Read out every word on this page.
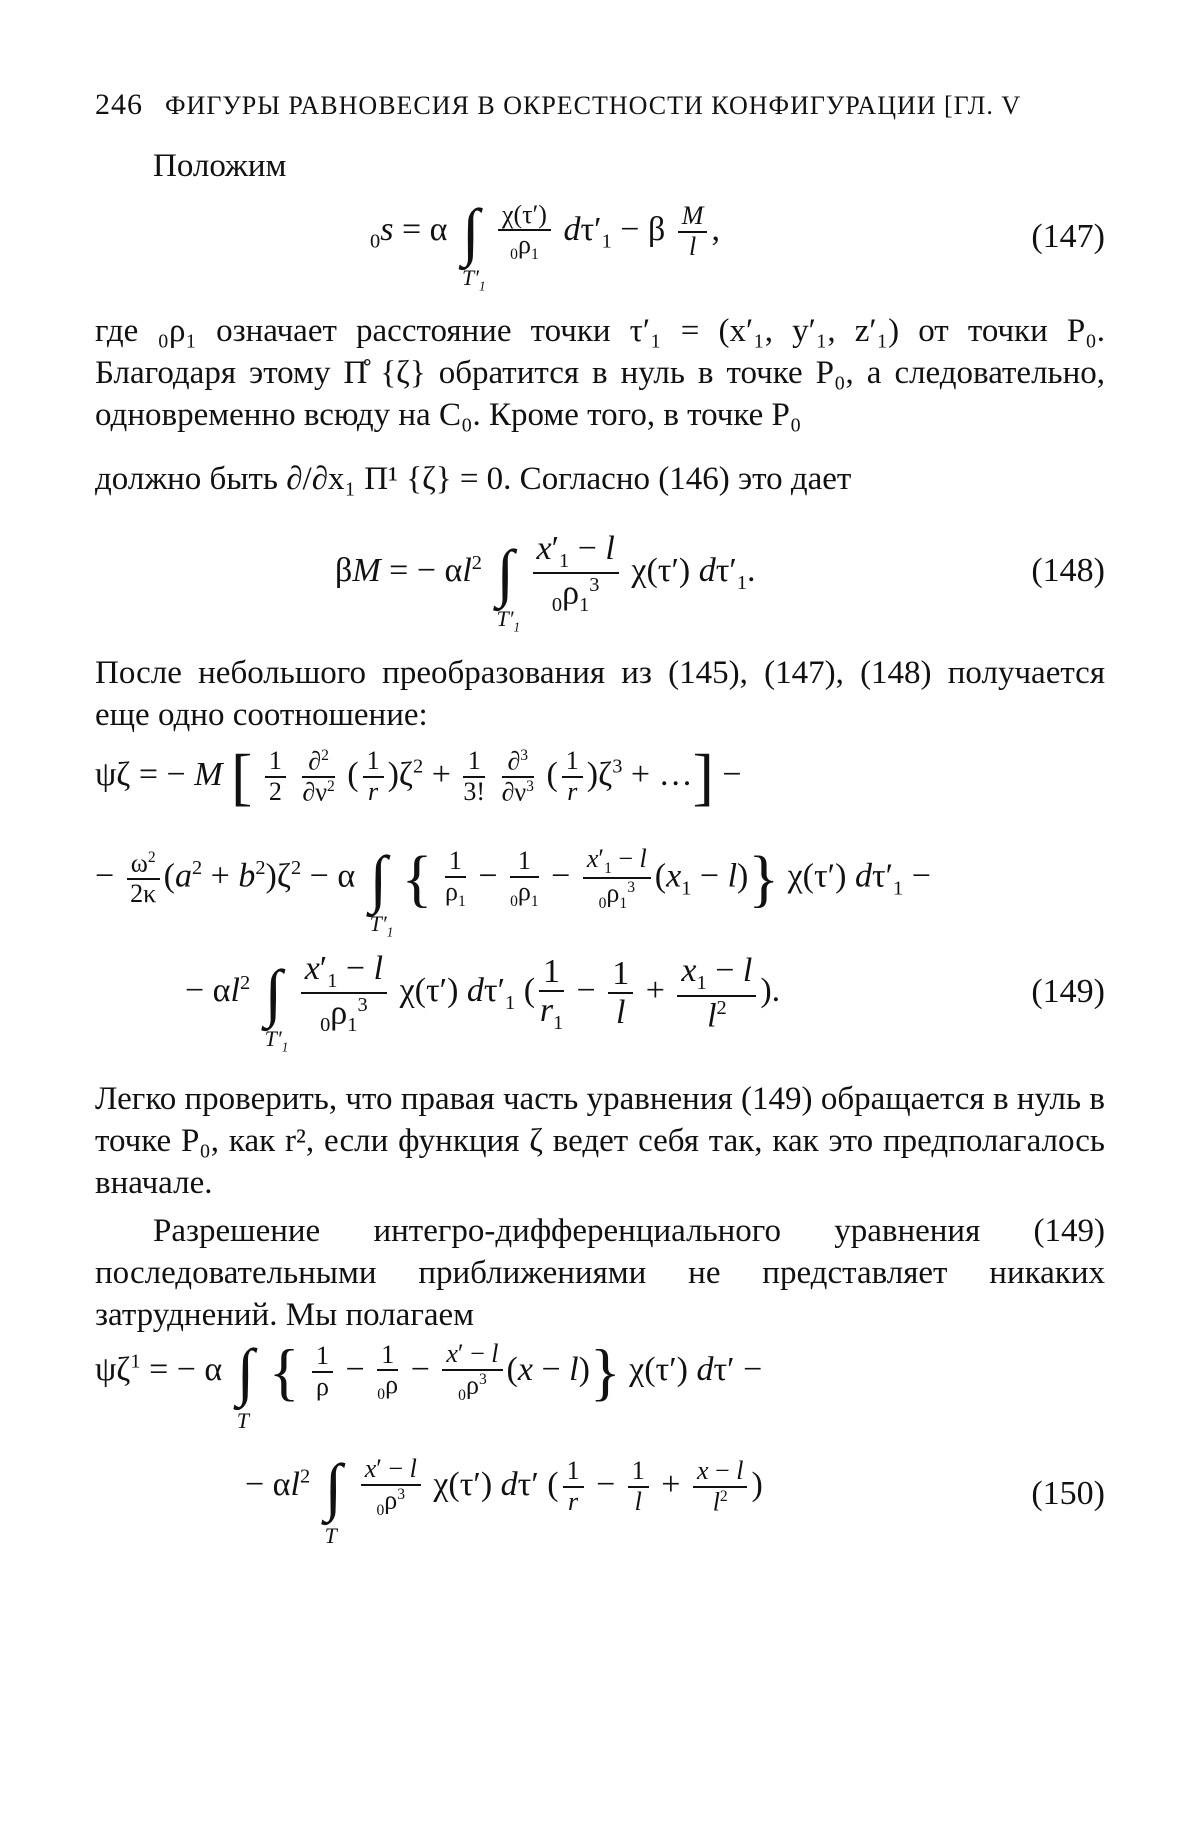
246 ФИГУРЫ РАВНОВЕСИЯ В ОКРЕСТНОСТИ КОНФИГУРАЦИИ [ГЛ. V
Положим
$_0$s = α ∫
$T'_1$

$\frac{\chi(\tau')}{_0\rho_1} d\tau'_1 - \beta \frac{M}{l}$ ,	(147)
где ₀ρ₁ означает расстояние точки τ′₁ = (x′₁, y′₁, z′₁) от точки P₀. Благодаря этому Π̊ {ζ} обратится в нуль в точке P₀, а следовательно, одновременно всюду на C₀. Кроме того, в точке P₀
должно быть ∂/∂x₁ Π¹ {ζ} = 0. Согласно (146) это дает
βM = − $\alpha l^2$ ∫
$T'_1$

$\frac{x'_1 - l}{_0\rho_1^3} \chi(\tau')$ $d\tau'_1$.	(148)
После небольшого преобразования из (145), (147), (148) получается еще одно соотношение:
ψζ = − M [ $\frac{1}{2}$
$\frac{\partial^2}{\partial\nu^2}$ ( $\frac{1}{r} )\zeta^2 + \frac{1}{3!}$
$\frac{\partial^3}{\partial\nu^3}$ ( $\frac{1}{r} )\zeta^3$ + …] −
− $\frac{\omega^2}{2\kappa} (a^2 + b^2)\zeta^2 - \alpha$ ∫
$T'_1$
{ $\frac{1}{\rho_1} - \frac{1}{_0\rho_1} - \frac{x'_1 - l}{_0\rho_1^3} (x_1 - l)$} χ(τ′) $d\tau'_1$ −
− $\alpha l^2$ ∫
$T'_1$

$\frac{x'_1 - l}{_0\rho_1^3} \chi(\tau')$ $d\tau'_1$ ( $\frac{1}{r_1} - \frac{1}{l} + \frac{x_1 - l}{l^2}$ ).	(149)
Легко проверить, что правая часть уравнения (149) обращается в нуль в точке P₀, как r², если функция ζ ведет себя так, как это предполагалось вначале.
Разрешение интегро-дифференциального уравнения (149) последовательными приближениями не представляет никаких затруднений. Мы полагаем
$\psi\zeta^1$ = − α ∫
T
{ $\frac{1}{\rho} - \frac{1}{_0\rho} - \frac{x' - l}{_0\rho^3} (x - l)$} χ(τ′) dτ′ −
− $\alpha l^2$ ∫
T

$\frac{x' - l}{_0\rho^3} \chi(\tau')$ dτ′ ( $\frac{1}{r} - \frac{1}{l} + \frac{x - l}{l^2}$ )	(150)
